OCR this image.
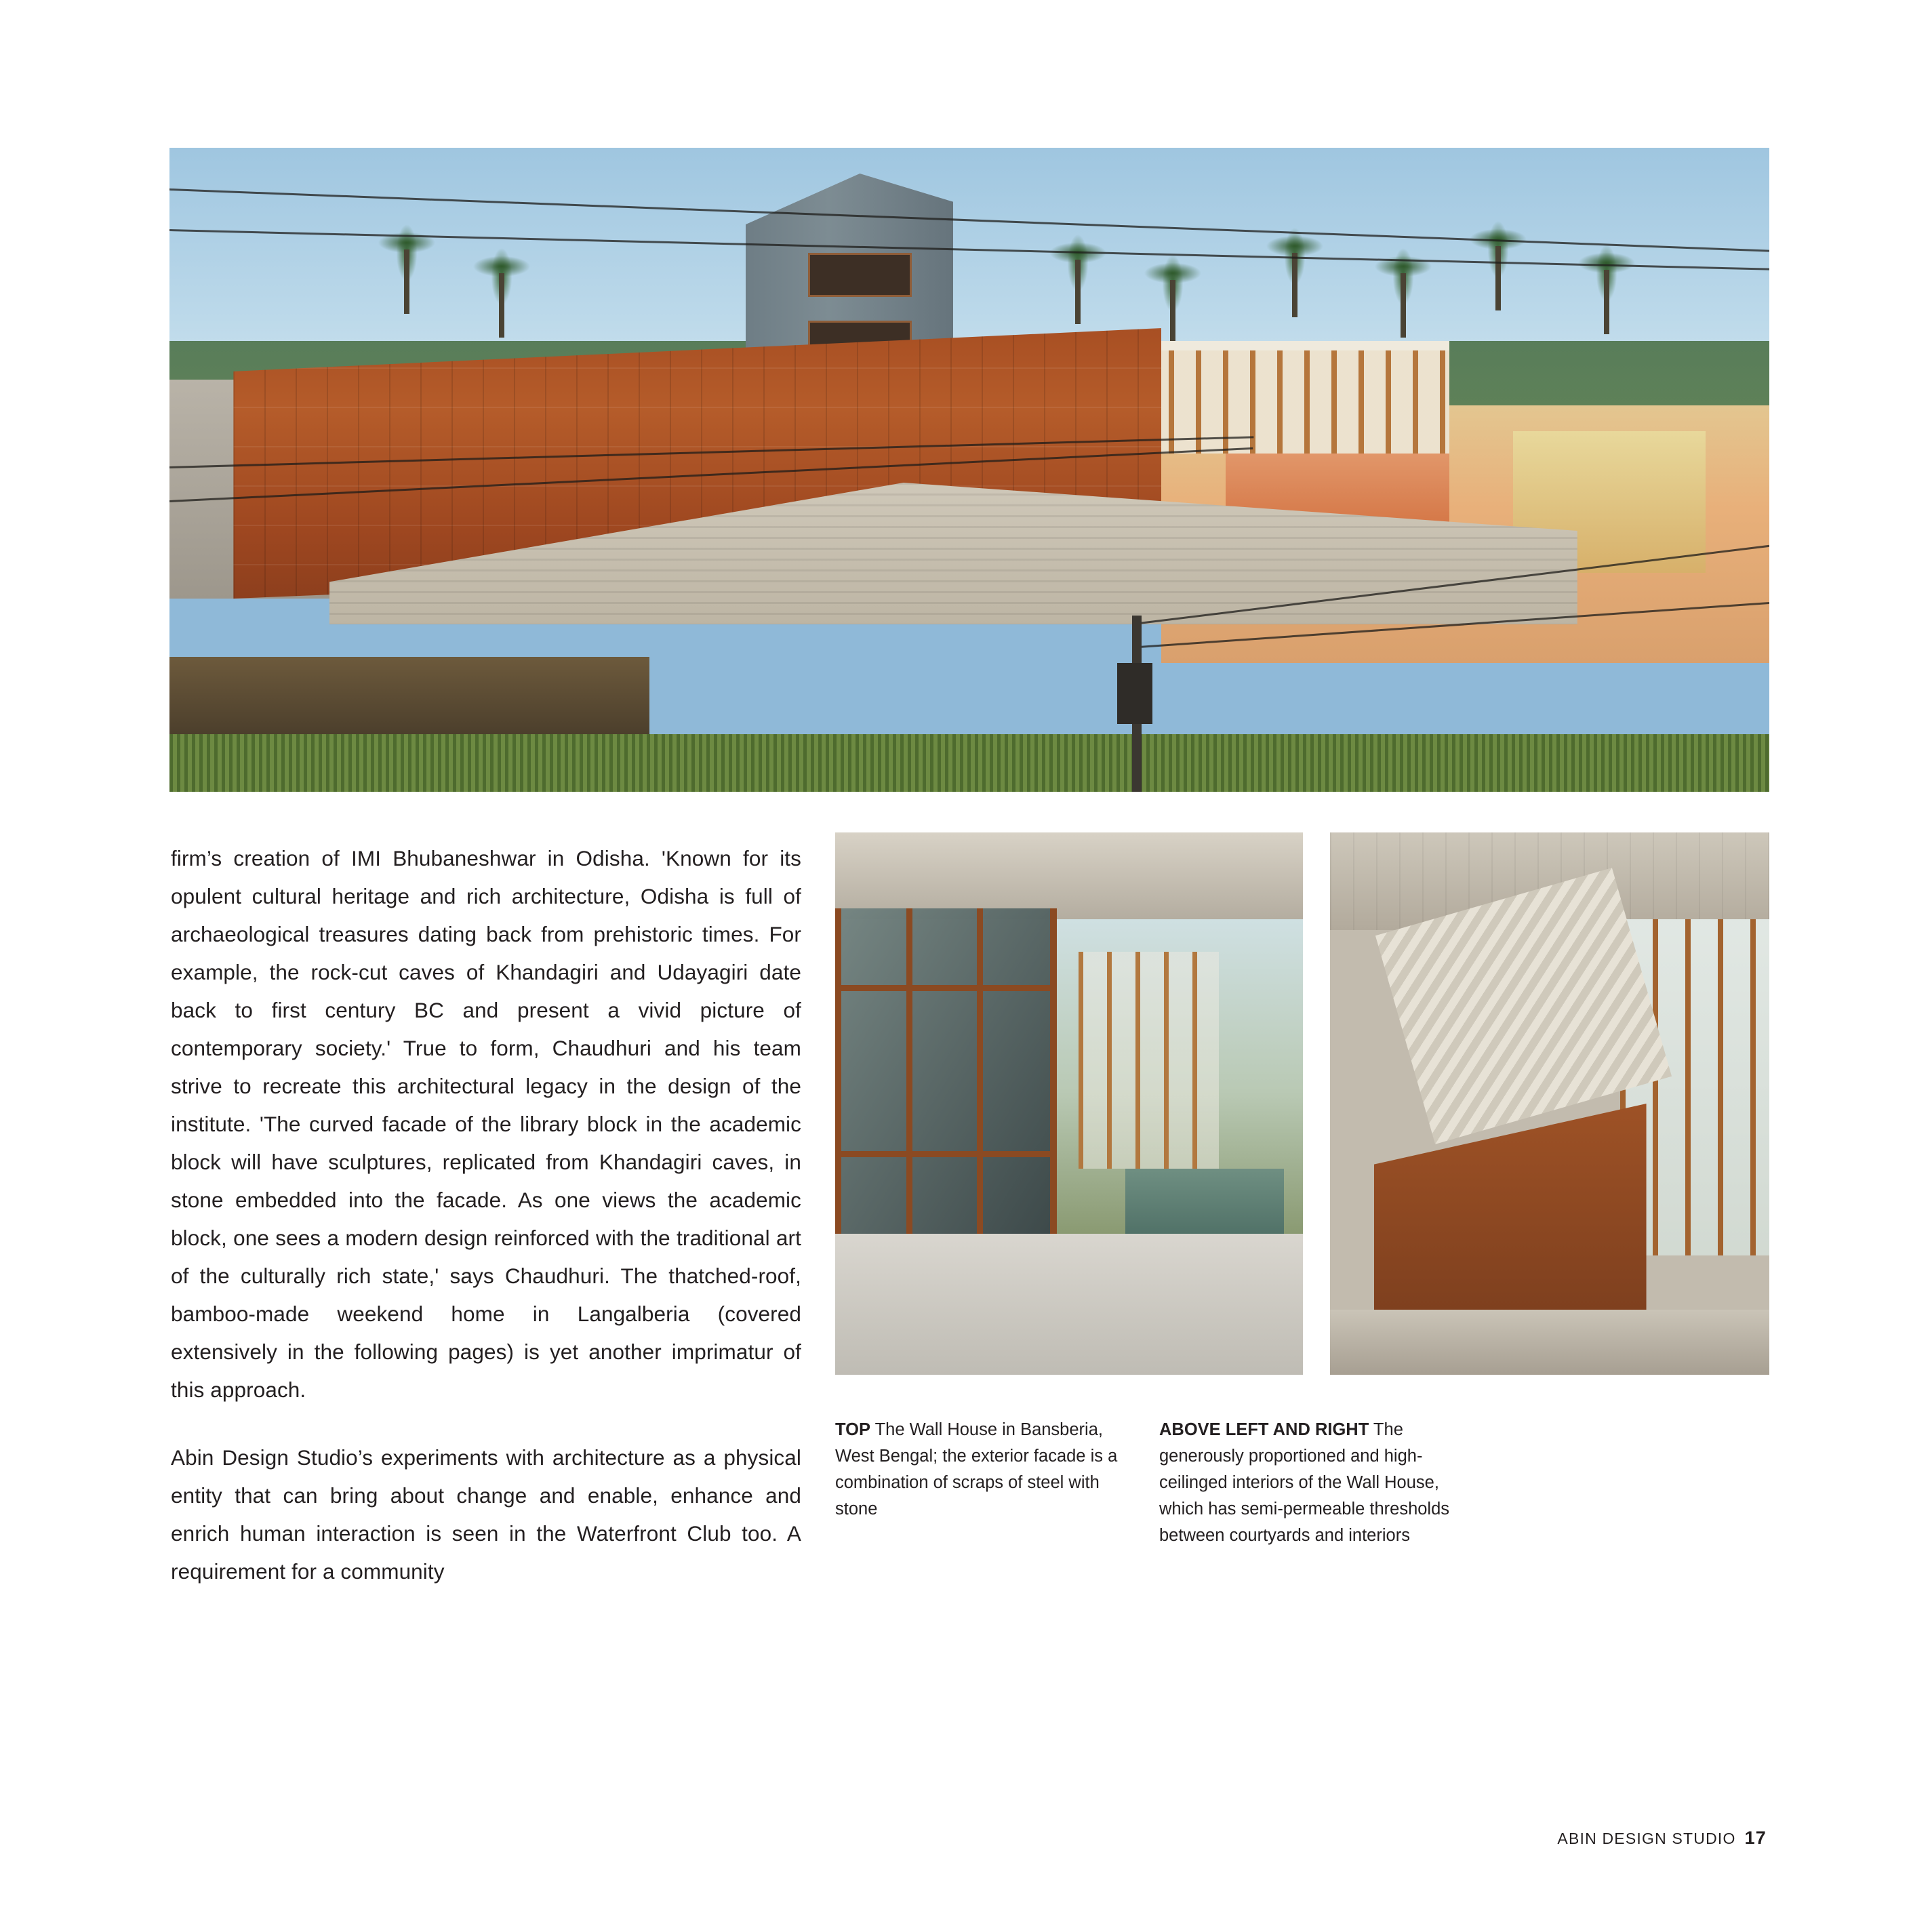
firm’s creation of IMI Bhubaneshwar in Odisha. 'Known for its opulent cultural heritage and rich architecture, Odisha is full of archaeological treasures dating back from prehistoric times. For example, the rock-cut caves of Khandagiri and Udayagiri date back to first century BC and present a vivid picture of contemporary society.' True to form, Chaudhuri and his team strive to recreate this architectural legacy in the design of the institute. 'The curved facade of the library block in the academic block will have sculptures, replicated from Khandagiri caves, in stone embedded into the facade. As one views the academic block, one sees a modern design reinforced with the traditional art of the culturally rich state,' says Chaudhuri. The thatched-roof, bamboo-made weekend home in Langalberia (covered extensively in the following pages) is yet another imprimatur of this approach.

Abin Design Studio’s experiments with architecture as a physical entity that can bring about change and enable, enhance and enrich human interaction is seen in the Waterfront Club too. A requirement for a community

TOP The Wall House in Bansberia, West Bengal; the exterior facade is a combination of scraps of steel with stone
ABOVE LEFT AND RIGHT The generously proportioned and high-ceilinged interiors of the Wall House, which has semi-permeable thresholds between courtyards and interiors
ABIN DESIGN STUDIO 17
